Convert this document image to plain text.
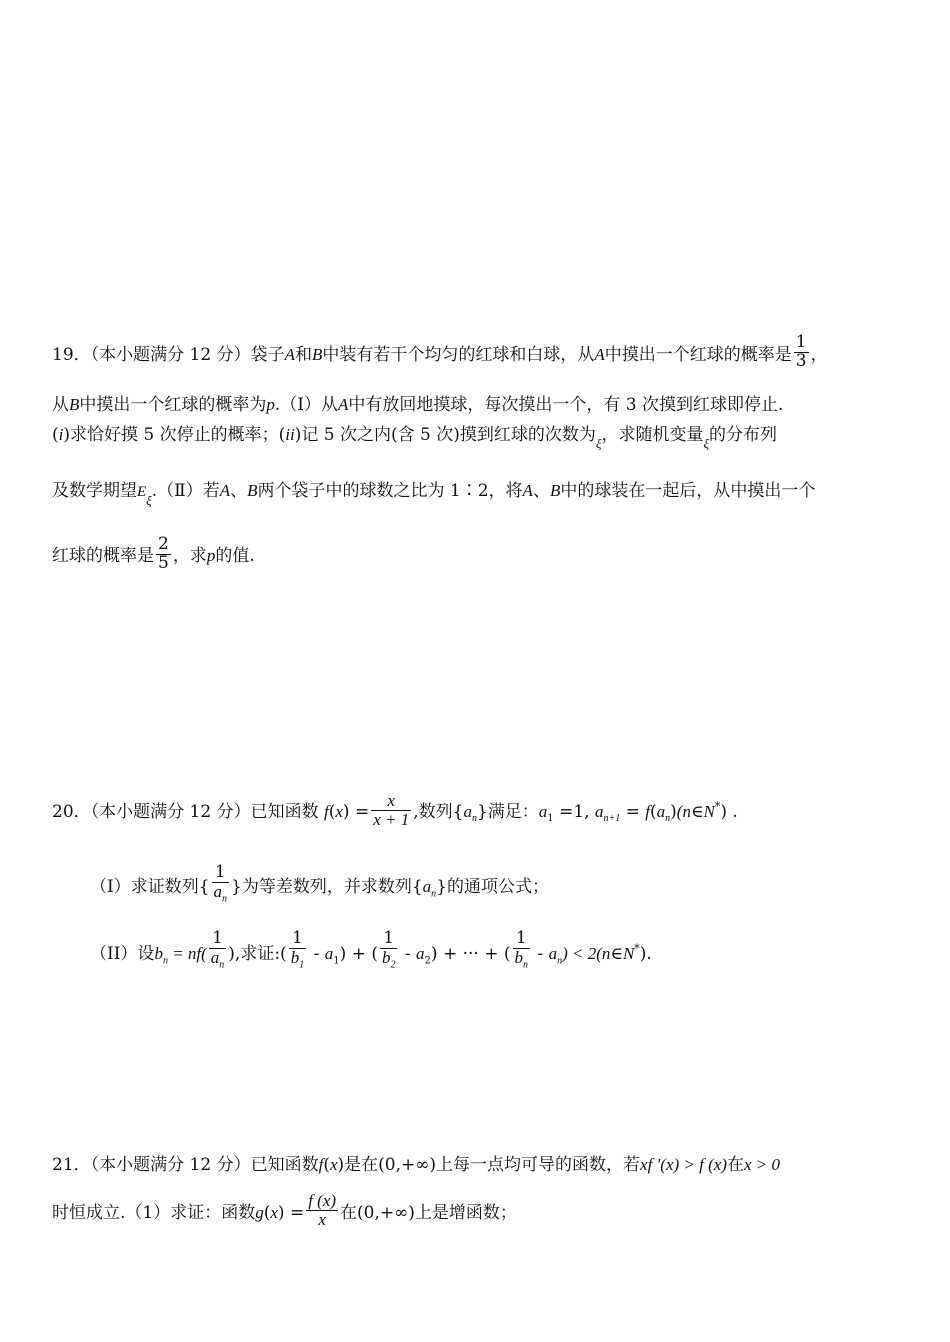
19．（本小题满分 12 分）袋子A和B中装有若干个均匀的红球和白球，从A中摸出一个红球的概率是 $\frac{1}{3}$ ，
从B中摸出一个红球的概率为p.（Ⅰ）从A中有放回地摸球，每次摸出一个，有 3 次摸到红球即停止.
(i)求恰好摸 5 次停止的概率；(ii)记 5 次之内(含 5 次)摸到红球的次数为$_\xi$，求随机变量$_\xi$的分布列
及数学期望$E_\xi.(Ⅱ)$若A、B两个袋子中的球数之比为 1∶2，将A、B中的球装在一起后，从中摸出一个
红球的概率是 $\frac{2}{5}$ ，求p的值.
20．（本小题满分 12 分）已知函数 $f(x) = \frac{x}{x + 1}$ ,数列$\{a_n\}$满足：$a_1 =1$, $a_{n+1}$ = $f(a_n)(n\in N^*)$ .
（I）求证数列{ $\frac{1}{a_n}$ }为等差数列，并求数列$\{a_n\}$的通项公式；
（II）设$b_n = nf( \frac{1}{a_n}$ ),求证:( $\frac{1}{b_1} - a_1$) + ( $\frac{1}{b_2} - a_2$) + ··· + ( $\frac{1}{b_n} - a_n$) < 2(n∈N*).
21．（本小题满分 12 分）已知函数f(x)是在(0,+∞)上每一点均可导的函数，若xf ′(x) > f (x)在x > 0
时恒成立.（1）求证：函数$g(x) = \frac{f (x)}{x}$ 在(0,+∞)上是增函数；
